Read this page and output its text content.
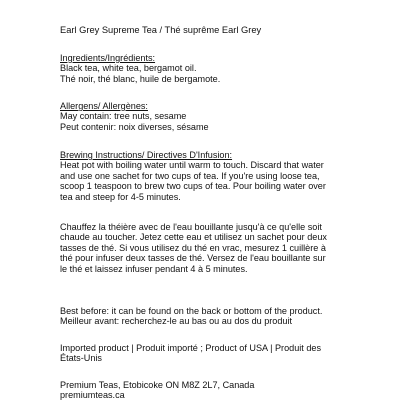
Earl Grey Supreme Tea / Thé suprême Earl Grey
Ingredients/Ingrédients:
Black tea, white tea, bergamot oil.
Thé noir, thé blanc, huile de bergamote.
Allergens/ Allergènes:
May contain: tree nuts, sesame
Peut contenir: noix diverses, sésame
Brewing Instructions/ Directives D'Infusion:
Heat pot with boiling water until warm to touch. Discard that water
and use one sachet for two cups of tea. If you're using loose tea,
scoop 1 teaspoon to brew two cups of tea. Pour boiling water over
tea and steep for 4-5 minutes.
Chauffez la théière avec de l'eau bouillante jusqu'à ce qu'elle soit
chaude au toucher. Jetez cette eau et utilisez un sachet pour deux
tasses de thé. Si vous utilisez du thé en vrac, mesurez 1 cuillère à
thé pour infuser deux tasses de thé. Versez de l'eau bouillante sur
le thé et laissez infuser pendant 4 à 5 minutes.
Best before: it can be found on the back or bottom of the product.
Meilleur avant: recherchez-le au bas ou au dos du produit
Imported product | Produit importé ; Product of USA | Produit des
États-Unis
Premium Teas, Etobicoke ON M8Z 2L7, Canada
premiumteas.ca
